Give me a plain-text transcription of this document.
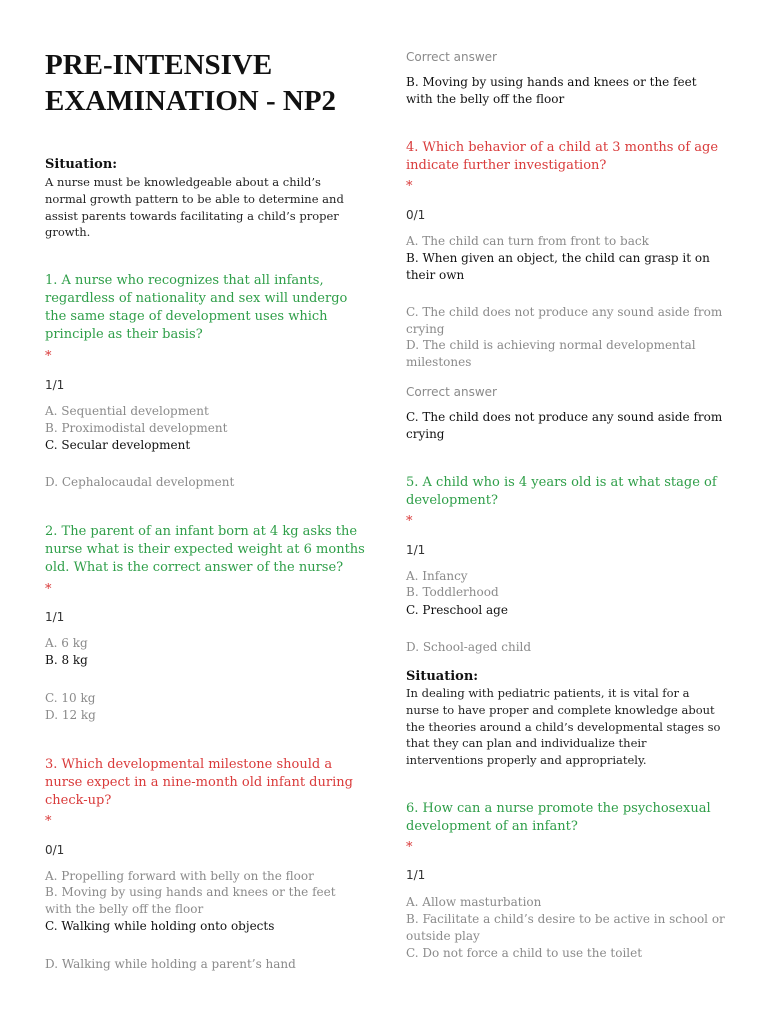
PRE-INTENSIVE
EXAMINATION - NP2
Situation:
A nurse must be knowledgeable about a child’s normal growth pattern to be able to determine and assist parents towards facilitating a child’s proper growth.
1. A nurse who recognizes that all infants, regardless of nationality and sex will undergo the same stage of development uses which principle as their basis?
*
1/1
A. Sequential development
B. Proximodistal development
C. Secular development
D. Cephalocaudal development
2. The parent of an infant born at 4 kg asks the nurse what is their expected weight at 6 months old. What is the correct answer of the nurse?
*
1/1
A. 6 kg
B. 8 kg
C. 10 kg
D. 12 kg
3. Which developmental milestone should a nurse expect in a nine-month old infant during check-up?
*
0/1
A. Propelling forward with belly on the floor
B. Moving by using hands and knees or the feet with the belly off the floor
C. Walking while holding onto objects
D. Walking while holding a parent’s hand
Correct answer
B. Moving by using hands and knees or the feet with the belly off the floor
4. Which behavior of a child at 3 months of age indicate further investigation?
*
0/1
A. The child can turn from front to back
B. When given an object, the child can grasp it on their own
C. The child does not produce any sound aside from crying
D. The child is achieving normal developmental milestones
Correct answer
C. The child does not produce any sound aside from crying
5. A child who is 4 years old is at what stage of development?
*
1/1
A. Infancy
B. Toddlerhood
C. Preschool age
D. School-aged child
Situation:
In dealing with pediatric patients, it is vital for a nurse to have proper and complete knowledge about the theories around a child’s developmental stages so that they can plan and individualize their interventions properly and appropriately.
6. How can a nurse promote the psychosexual development of an infant?
*
1/1
A. Allow masturbation
B. Facilitate a child’s desire to be active in school or outside play
C. Do not force a child to use the toilet
